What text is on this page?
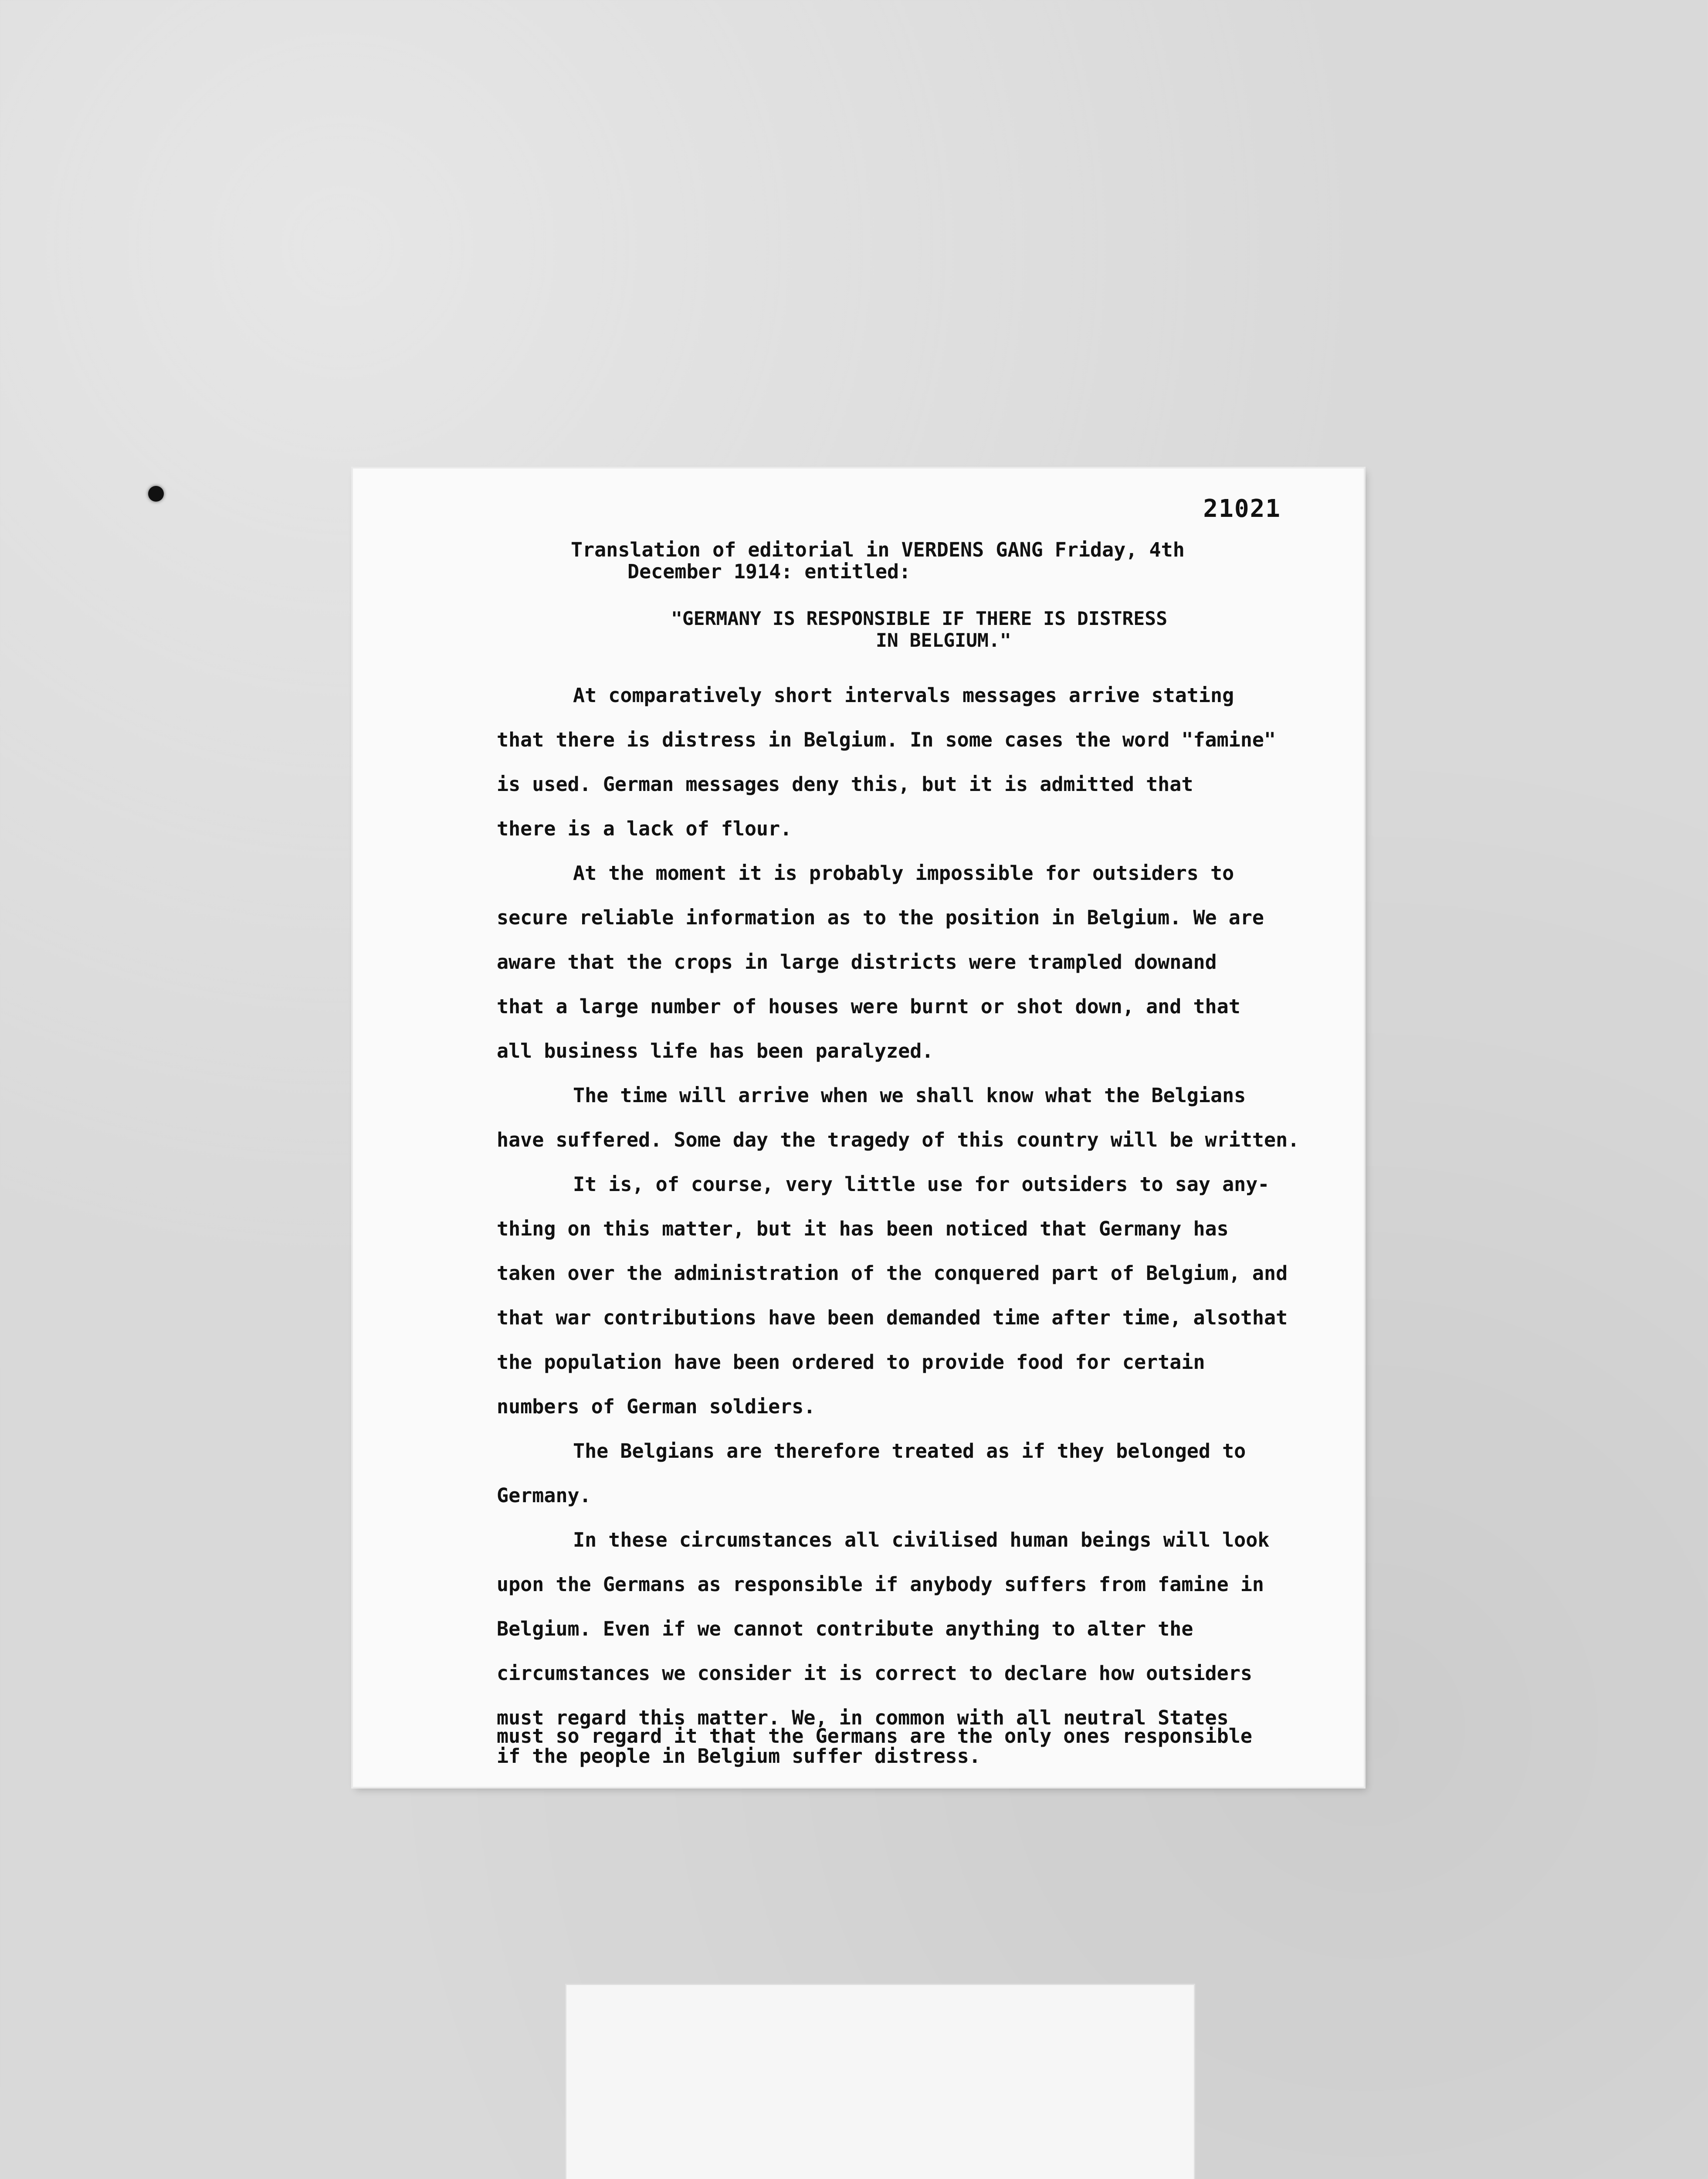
21021
Translation of editorial in VERDENS GANG Friday, 4th
December 1914: entitled:
"GERMANY IS RESPONSIBLE IF THERE IS DISTRESS
IN BELGIUM."
At comparatively short intervals messages arrive stating
that there is distress in Belgium. In some cases the word "famine"
is used. German messages deny this, but it is admitted that
there is a lack of flour.
At the moment it is probably impossible for outsiders to
secure reliable information as to the position in Belgium. We are
aware that the crops in large districts were trampled downand
that a large number of houses were burnt or shot down, and that
all business life has been paralyzed.
The time will arrive when we shall know what the Belgians
have suffered. Some day the tragedy of this country will be written.
It is, of course, very little use for outsiders to say any-
thing on this matter, but it has been noticed that Germany has
taken over the administration of the conquered part of Belgium, and
that war contributions have been demanded time after time, alsothat
the population have been ordered to provide food for certain
numbers of German soldiers.
The Belgians are therefore treated as if they belonged to
Germany.
In these circumstances all civilised human beings will look
upon the Germans as responsible if anybody suffers from famine in
Belgium. Even if we cannot contribute anything to alter the
circumstances we consider it is correct to declare how outsiders
must regard this matter. We, in common with all neutral States
must so regard it that the Germans are the only ones responsible
if the people in Belgium suffer distress.
